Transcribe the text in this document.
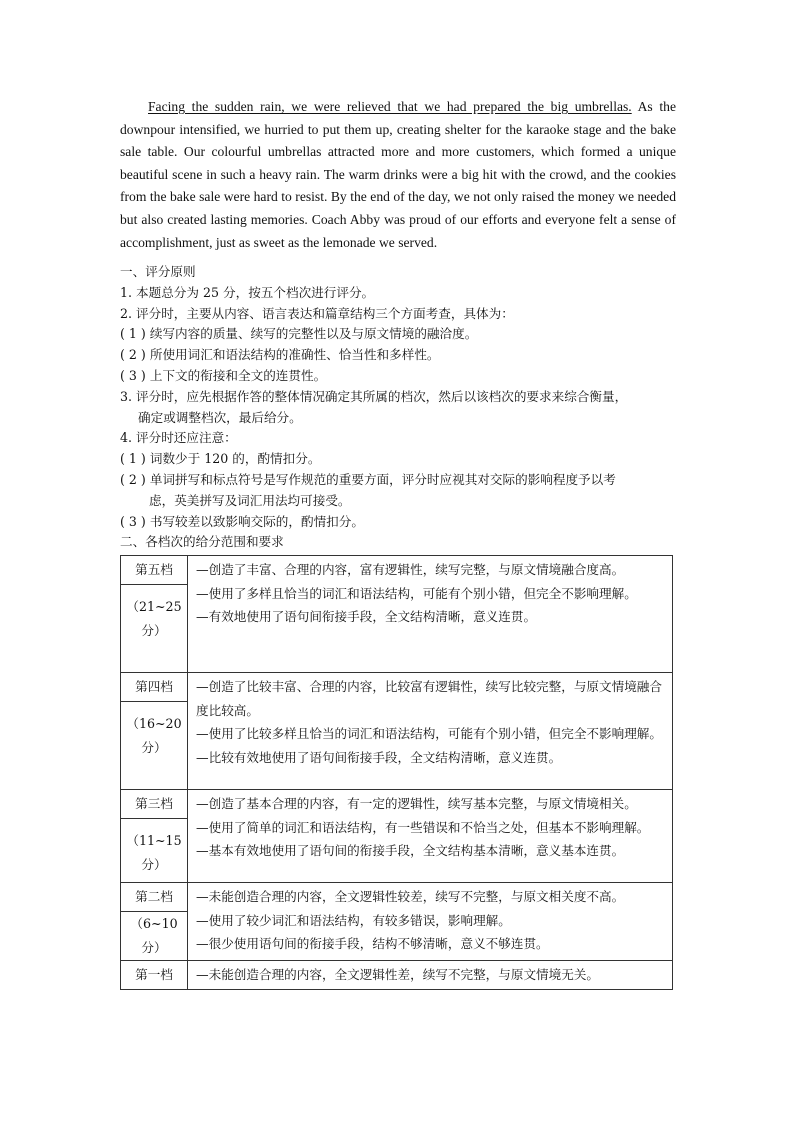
Facing the sudden rain, we were relieved that we had prepared the big umbrellas. As the downpour intensified, we hurried to put them up, creating shelter for the karaoke stage and the bake sale table. Our colourful umbrellas attracted more and more customers, which formed a unique beautiful scene in such a heavy rain. The warm drinks were a big hit with the crowd, and the cookies from the bake sale were hard to resist. By the end of the day, we not only raised the money we needed but also created lasting memories. Coach Abby was proud of our efforts and everyone felt a sense of accomplishment, just as sweet as the lemonade we served.

一、评分原则
1. 本题总分为 25 分，按五个档次进行评分。
2. 评分时，主要从内容、语言表达和篇章结构三个方面考查，具体为：
( 1 ) 续写内容的质量、续写的完整性以及与原文情境的融洽度。
( 2 ) 所使用词汇和语法结构的准确性、恰当性和多样性。
( 3 ) 上下文的衔接和全文的连贯性。
3. 评分时，应先根据作答的整体情况确定其所属的档次，然后以该档次的要求来综合衡量，
确定或调整档次，最后给分。
4. 评分时还应注意：
( 1 ) 词数少于 120 的，酌情扣分。
( 2 ) 单词拼写和标点符号是写作规范的重要方面，评分时应视其对交际的影响程度予以考
虑，英美拼写及词汇用法均可接受。
( 3 ) 书写较差以致影响交际的，酌情扣分。
二、各档次的给分范围和要求
第五档
（21~25 分）	—创造了丰富、合理的内容，富有逻辑性，续写完整，与原文情境融合度高。
—使用了多样且恰当的词汇和语法结构，可能有个别小错，但完全不影响理解。
—有效地使用了语句间衔接手段，全文结构清晰，意义连贯。

第四档
（16~20 分）	—创造了比较丰富、合理的内容，比较富有逻辑性，续写比较完整，与原文情境融合度比较高。
—使用了比较多样且恰当的词汇和语法结构，可能有个别小错，但完全不影响理解。
—比较有效地使用了语句间衔接手段，全文结构清晰，意义连贯。

第三档
（11~15 分）	—创造了基本合理的内容，有一定的逻辑性，续写基本完整，与原文情境相关。
—使用了简单的词汇和语法结构，有一些错误和不恰当之处，但基本不影响理解。
—基本有效地使用了语句间的衔接手段，全文结构基本清晰，意义基本连贯。

第二档
（6~10 分）	—未能创造合理的内容，全文逻辑性较差，续写不完整，与原文相关度不高。
—使用了较少词汇和语法结构，有较多错误，影响理解。
—很少使用语句间的衔接手段，结构不够清晰，意义不够连贯。

第一档	—未能创造合理的内容，全文逻辑性差，续写不完整，与原文情境无关。
